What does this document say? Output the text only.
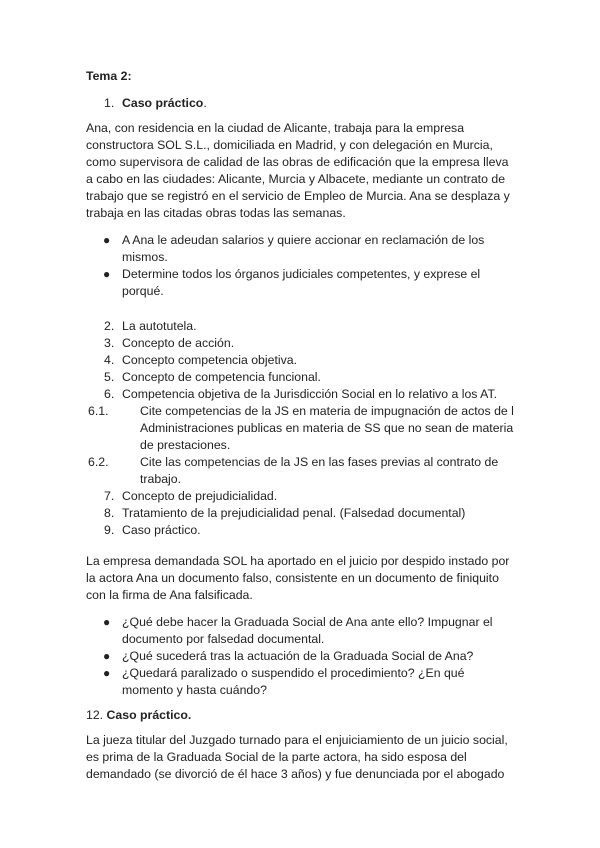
Tema 2:
1. Caso práctico.

Ana, con residencia en la ciudad de Alicante, trabaja para la empresa constructora SOL S.L., domiciliada en Madrid, y con delegación en Murcia, como supervisora de calidad de las obras de edificación que la empresa lleva a cabo en las ciudades: Alicante, Murcia y Albacete, mediante un contrato de trabajo que se registró en el servicio de Empleo de Murcia. Ana se desplaza y trabaja en las citadas obras todas las semanas.

● A Ana le adeudan salarios y quiere accionar en reclamación de los mismos.
● Determine todos los órganos judiciales competentes, y exprese el porqué.
2. La autotutela.
3. Concepto de acción.
4. Concepto competencia objetiva.
5. Concepto de competencia funcional.
6. Competencia objetiva de la Jurisdicción Social en lo relativo a los AT.
6.1.	Cite competencias de la JS en materia de impugnación de actos de l Administraciones publicas en materia de SS que no sean de materia de prestaciones.
6.2.	Cite las competencias de la JS en las fases previas al contrato de trabajo.
7. Concepto de prejudicialidad.
8. Tratamiento de la prejudicialidad penal. (Falsedad documental)
9. Caso práctico.

La empresa demandada SOL ha aportado en el juicio por despido instado por la actora Ana un documento falso, consistente en un documento de finiquito con la firma de Ana falsificada.

● ¿Qué debe hacer la Graduada Social de Ana ante ello? Impugnar el documento por falsedad documental.
● ¿Qué sucederá tras la actuación de la Graduada Social de Ana?
● ¿Quedará paralizado o suspendido el procedimiento? ¿En qué momento y hasta cuándo?
12. Caso práctico.

La jueza titular del Juzgado turnado para el enjuiciamiento de un juicio social, es prima de la Graduada Social de la parte actora, ha sido esposa del demandado (se divorció de él hace 3 años) y fue denunciada por el abogado
